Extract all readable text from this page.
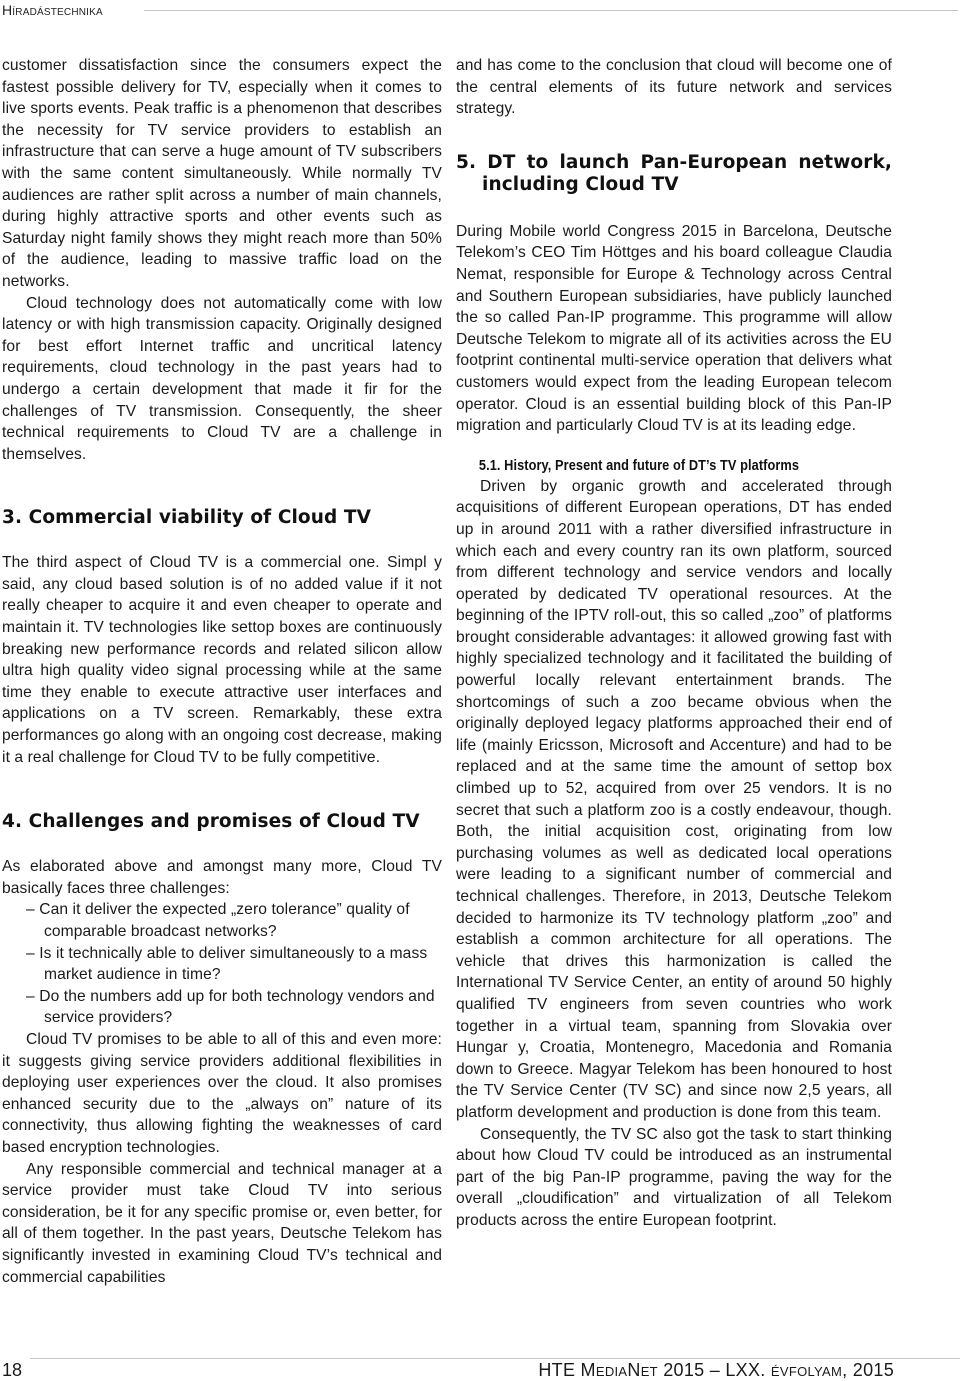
Híradástechnika

customer dissatisfaction since the consumers expect the fastest possible delivery for TV, especially when it comes to live sports events. Peak traffic is a phenomenon that describes the necessity for TV service providers to establish an infrastructure that can serve a huge amount of TV subscribers with the same content simultaneously. While normally TV audiences are rather split across a number of main channels, during highly attractive sports and other events such as Saturday night family shows they might reach more than 50% of the audience, leading to massive traffic load on the networks.

Cloud technology does not automatically come with low latency or with high transmission capacity. Originally designed for best effort Internet traffic and uncritical latency requirements, cloud technology in the past years had to undergo a certain development that made it fir for the challenges of TV transmission. Consequently, the sheer technical requirements to Cloud TV are a challenge in themselves.

3. Commercial viability of Cloud TV

The third aspect of Cloud TV is a commercial one. Simpl y said, any cloud based solution is of no added value if it not really cheaper to acquire it and even cheaper to operate and maintain it. TV technologies like settop boxes are continuously breaking new performance records and related silicon allow ultra high quality video signal processing while at the same time they enable to execute attractive user interfaces and applications on a TV screen. Remarkably, these extra performances go along with an ongoing cost decrease, making it a real challenge for Cloud TV to be fully competitive.

4. Challenges and promises of Cloud TV

As elaborated above and amongst many more, Cloud TV basically faces three challenges:

– Can it deliver the expected „zero tolerance” quality of comparable broadcast networks?
– Is it technically able to deliver simultaneously to a mass market audience in time?
– Do the numbers add up for both technology vendors and service providers?

Cloud TV promises to be able to all of this and even more: it suggests giving service providers additional flexibilities in deploying user experiences over the cloud. It also promises enhanced security due to the „always on” nature of its connectivity, thus allowing fighting the weaknesses of card based encryption technologies.

Any responsible commercial and technical manager at a service provider must take Cloud TV into serious consideration, be it for any specific promise or, even better, for all of them together. In the past years, Deutsche Telekom has significantly invested in examining Cloud TV’s technical and commercial capabilities

and has come to the conclusion that cloud will become one of the central elements of its future network and services strategy.

5. DT to launch Pan-European network, including Cloud TV

During Mobile world Congress 2015 in Barcelona, Deutsche Telekom’s CEO Tim Höttges and his board colleague Claudia Nemat, responsible for Europe & Technology across Central and Southern European subsidiaries, have publicly launched the so called Pan-IP programme. This programme will allow Deutsche Telekom to migrate all of its activities across the EU footprint continental multi-service operation that delivers what customers would expect from the leading European telecom operator. Cloud is an essential building block of this Pan-IP migration and particularly Cloud TV is at its leading edge.

5.1. History, Present and future of DT’s TV platforms

Driven by organic growth and accelerated through acquisitions of different European operations, DT has ended up in around 2011 with a rather diversified infrastructure in which each and every country ran its own platform, sourced from different technology and service vendors and locally operated by dedicated TV operational resources. At the beginning of the IPTV roll-out, this so called „zoo” of platforms brought considerable advantages: it allowed growing fast with highly specialized technology and it facilitated the building of powerful locally relevant entertainment brands. The shortcomings of such a zoo became obvious when the originally deployed legacy platforms approached their end of life (mainly Ericsson, Microsoft and Accenture) and had to be replaced and at the same time the amount of settop box climbed up to 52, acquired from over 25 vendors. It is no secret that such a platform zoo is a costly endeavour, though. Both, the initial acquisition cost, originating from low purchasing volumes as well as dedicated local operations were leading to a significant number of commercial and technical challenges. Therefore, in 2013, Deutsche Telekom decided to harmonize its TV technology platform „zoo” and establish a common architecture for all operations. The vehicle that drives this harmonization is called the International TV Service Center, an entity of around 50 highly qualified TV engineers from seven countries who work together in a virtual team, spanning from Slovakia over Hungar y, Croatia, Montenegro, Macedonia and Romania down to Greece. Magyar Telekom has been honoured to host the TV Service Center (TV SC) and since now 2,5 years, all platform development and production is done from this team.

Consequently, the TV SC also got the task to start thinking about how Cloud TV could be introduced as an instrumental part of the big Pan-IP programme, paving the way for the overall „cloudification” and virtualization of all Telekom products across the entire European footprint.

18	HTE MediaNet 2015 – LXX. évfolyam, 2015
